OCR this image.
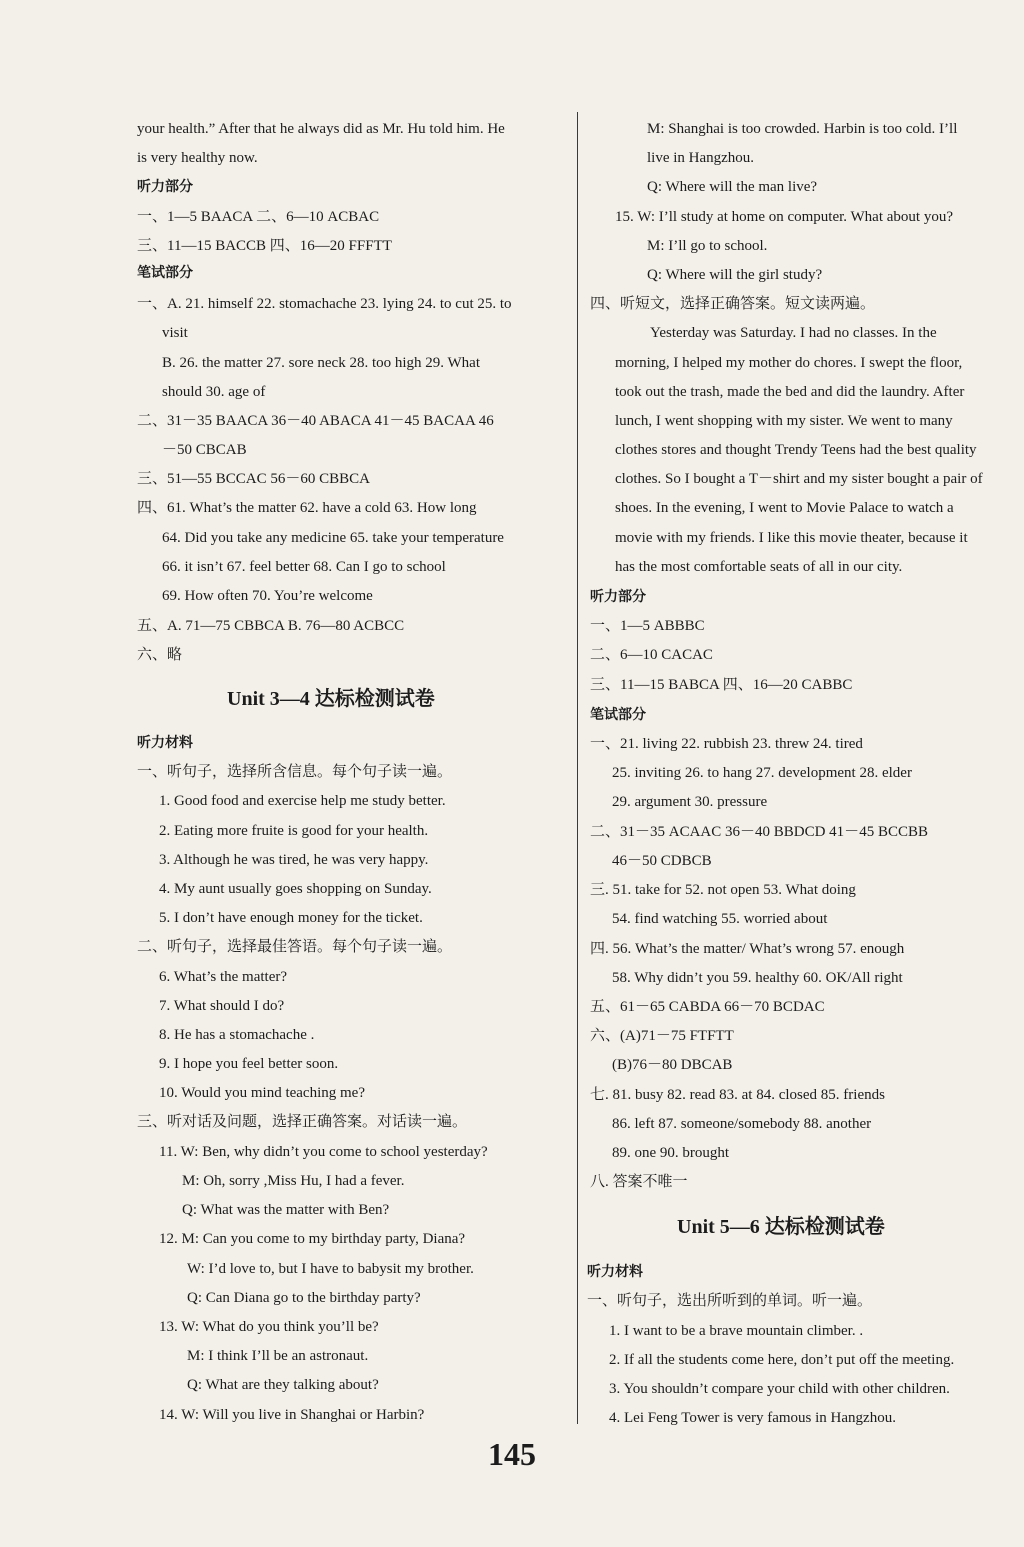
your health.” After that he always did as Mr. Hu told him. He
is very healthy now.
听力部分
一、1—5 BAACA 二、6—10 ACBAC
三、11—15 BACCB 四、16—20 FFFTT
笔试部分
一、A. 21. himself 22. stomachache 23. lying 24. to cut 25. to
visit
B. 26. the matter 27. sore neck 28. too high 29. What
should 30. age of
二、31－35 BAACA 36－40 ABACA 41－45 BACAA 46
－50 CBCAB
三、51—55 BCCAC 56－60 CBBCA
四、61. What’s the matter 62. have a cold 63. How long
64. Did you take any medicine 65. take your temperature
66. it isn’t 67. feel better 68. Can I go to school
69. How often 70. You’re welcome
五、A. 71—75 CBBCA B. 76—80 ACBCC
六、略
Unit 3—4 达标检测试卷
听力材料
一、听句子，选择所含信息。每个句子读一遍。
1. Good food and exercise help me study better.
2. Eating more fruite is good for your health.
3. Although he was tired, he was very happy.
4. My aunt usually goes shopping on Sunday.
5. I don’t have enough money for the ticket.
二、听句子，选择最佳答语。每个句子读一遍。
6. What’s the matter?
7. What should I do?
8. He has a stomachache .
9. I hope you feel better soon.
10. Would you mind teaching me?
三、听对话及问题，选择正确答案。对话读一遍。
11. W: Ben, why didn’t you come to school yesterday?
M: Oh, sorry ,Miss Hu, I had a fever.
Q: What was the matter with Ben?
12. M: Can you come to my birthday party, Diana?
W: I’d love to, but I have to babysit my brother.
Q: Can Diana go to the birthday party?
13. W: What do you think you’ll be?
M: I think I’ll be an astronaut.
Q: What are they talking about?
14. W: Will you live in Shanghai or Harbin?
M: Shanghai is too crowded. Harbin is too cold. I’ll
live in Hangzhou.
Q: Where will the man live?
15. W: I’ll study at home on computer. What about you?
M: I’ll go to school.
Q: Where will the girl study?
四、听短文，选择正确答案。短文读两遍。
Yesterday was Saturday. I had no classes. In the
morning, I helped my mother do chores. I swept the floor,
took out the trash, made the bed and did the laundry. After
lunch, I went shopping with my sister. We went to many
clothes stores and thought Trendy Teens had the best quality
clothes. So I bought a T－shirt and my sister bought a pair of
shoes. In the evening, I went to Movie Palace to watch a
movie with my friends. I like this movie theater, because it
has the most comfortable seats of all in our city.
听力部分
一、1—5 ABBBC
二、6—10 CACAC
三、11—15 BABCA 四、16—20 CABBC
笔试部分
一、21. living 22. rubbish 23. threw 24. tired
25. inviting 26. to hang 27. development 28. elder
29. argument 30. pressure
二、31－35 ACAAC 36－40 BBDCD 41－45 BCCBB
46－50 CDBCB
三. 51. take for 52. not open 53. What doing
54. find watching 55. worried about
四. 56. What’s the matter/ What’s wrong 57. enough
58. Why didn’t you 59. healthy 60. OK/All right
五、61－65 CABDA 66－70 BCDAC
六、(A)71－75 FTFTT
(B)76－80 DBCAB
七. 81. busy 82. read 83. at 84. closed 85. friends
86. left 87. someone/somebody 88. another
89. one 90. brought
八. 答案不唯一
Unit 5—6 达标检测试卷
听力材料
一、听句子，选出所听到的单词。听一遍。
1. I want to be a brave mountain climber. .
2. If all the students come here, don’t put off the meeting.
3. You shouldn’t compare your child with other children.
4. Lei Feng Tower is very famous in Hangzhou.
145
